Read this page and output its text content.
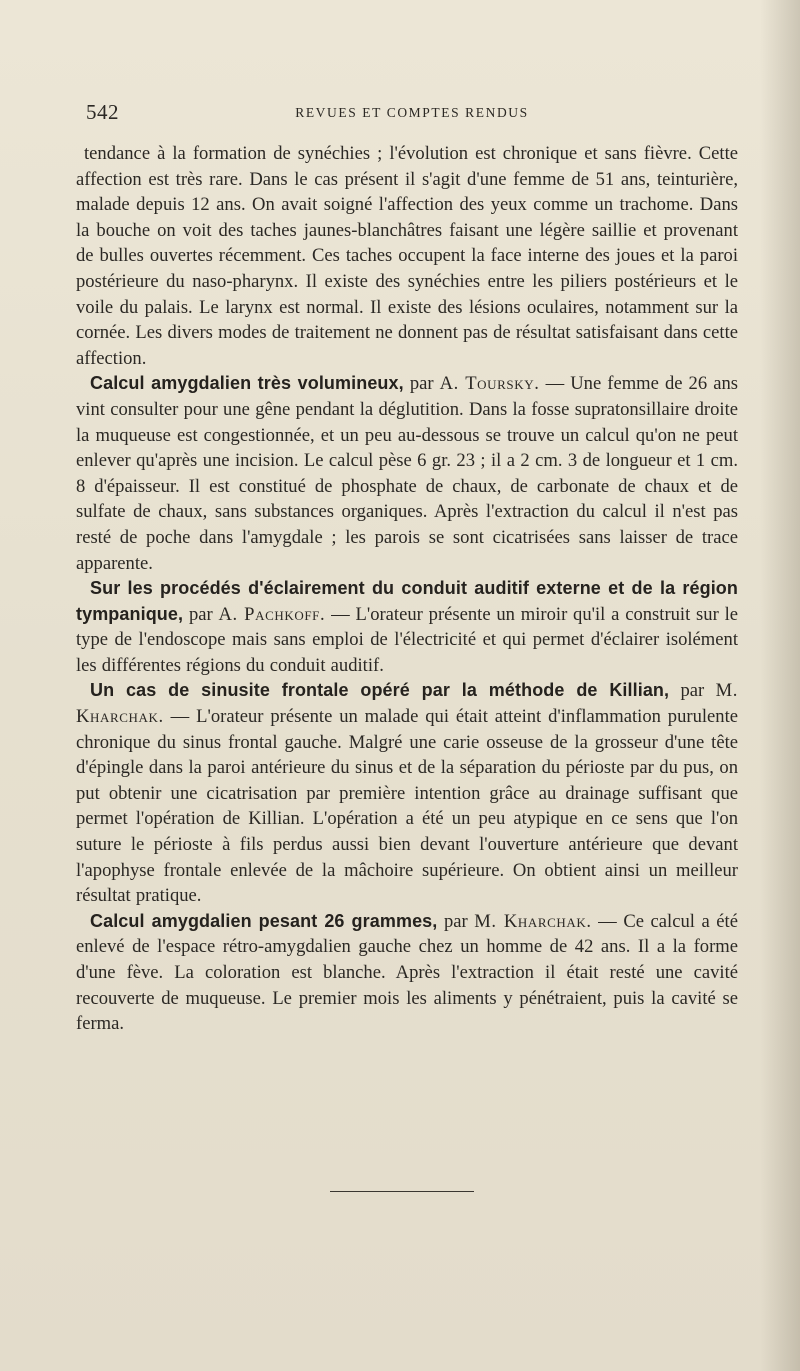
542	REVUES ET COMPTES RENDUS

tendance à la formation de synéchies ; l'évolution est chronique et sans fièvre. Cette affection est très rare. Dans le cas présent il s'agit d'une femme de 51 ans, teinturière, malade depuis 12 ans. On avait soigné l'affection des yeux comme un trachome. Dans la bouche on voit des taches jaunes-blanchâtres faisant une légère saillie et provenant de bulles ouvertes récemment. Ces taches occupent la face interne des joues et la paroi postérieure du naso-pharynx. Il existe des synéchies entre les piliers postérieurs et le voile du palais. Le larynx est normal. Il existe des lésions oculaires, notamment sur la cornée. Les divers modes de traitement ne donnent pas de résultat satisfaisant dans cette affection.

Calcul amygdalien très volumineux, par A. Toursky. — Une femme de 26 ans vint consulter pour une gêne pendant la déglutition. Dans la fosse supratonsillaire droite la muqueuse est congestionnée, et un peu au-dessous se trouve un calcul qu'on ne peut enlever qu'après une incision. Le calcul pèse 6 gr. 23 ; il a 2 cm. 3 de longueur et 1 cm. 8 d'épaisseur. Il est constitué de phosphate de chaux, de carbonate de chaux et de sulfate de chaux, sans substances organiques. Après l'extraction du calcul il n'est pas resté de poche dans l'amygdale ; les parois se sont cicatrisées sans laisser de trace apparente.

Sur les procédés d'éclairement du conduit auditif externe et de la région tympanique, par A. Pachkoff. — L'orateur présente un miroir qu'il a construit sur le type de l'endoscope mais sans emploi de l'électricité et qui permet d'éclairer isolément les différentes régions du conduit auditif.

Un cas de sinusite frontale opéré par la méthode de Killian, par M. Kharchak. — L'orateur présente un malade qui était atteint d'inflammation purulente chronique du sinus frontal gauche. Malgré une carie osseuse de la grosseur d'une tête d'épingle dans la paroi antérieure du sinus et de la séparation du périoste par du pus, on put obtenir une cicatrisation par première intention grâce au drainage suffisant que permet l'opération de Killian. L'opération a été un peu atypique en ce sens que l'on suture le périoste à fils perdus aussi bien devant l'ouverture antérieure que devant l'apophyse frontale enlevée de la mâchoire supérieure. On obtient ainsi un meilleur résultat pratique.

Calcul amygdalien pesant 26 grammes, par M. Kharchak. — Ce calcul a été enlevé de l'espace rétro-amygdalien gauche chez un homme de 42 ans. Il a la forme d'une fève. La coloration est blanche. Après l'extraction il était resté une cavité recouverte de muqueuse. Le premier mois les aliments y pénétraient, puis la cavité se ferma.
